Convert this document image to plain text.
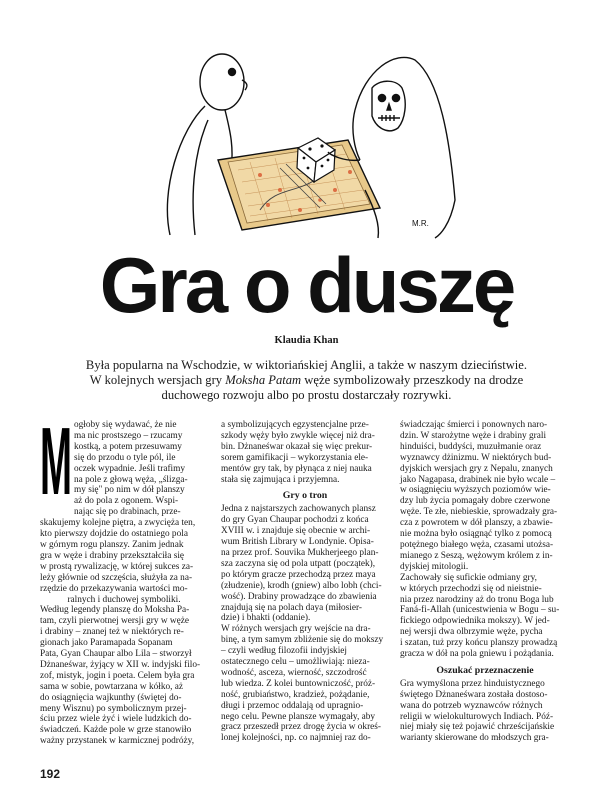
M.R.
Gra o duszę
Klaudia Khan
Była popularna na Wschodzie, w wiktoriańskiej Anglii, a także w naszym dzieciństwie.
W kolejnych wersjach gry Moksha Patam węże symbolizowały przeszkody na drodze
duchowego rozwoju albo po prostu dostarczały rozrywki.
M ogłoby się wydawać, że nie
ma nic prostszego – rzucamy
kostką, a potem przesuwamy
się do przodu o tyle pól, ile
oczek wypadnie. Jeśli trafimy
na pole z głową węża, „ślizga-
my się" po nim w dół planszy
aż do pola z ogonem. Wspi-
nając się po drabinach, prze-
skakujemy kolejne piętra, a zwycięża ten,
kto pierwszy dojdzie do ostatniego pola
w górnym rogu planszy. Zanim jednak
gra w węże i drabiny przekształciła się
w prostą rywalizację, w której sukces za-
leży głównie od szczęścia, służyła za na-
rzędzie do przekazywania wartości mo-
ralnych i duchowej symboliki.
Według legendy planszę do Moksha Pa-
tam, czyli pierwotnej wersji gry w węże
i drabiny – znanej też w niektórych re-
gionach jako Paramapada Sopanam
Pata, Gyan Chaupar albo Lila – stworzył
Dżnaneśwar, żyjący w XII w. indyjski filo-
zof, mistyk, jogin i poeta. Celem była gra
sama w sobie, powtarzana w kółko, aż
do osiągnięcia wajkunthy (świętej do-
meny Wisznu) po symbolicznym przej-
ściu przez wiele żyć i wiele ludzkich do-
świadczeń. Każde pole w grze stanowiło
ważny przystanek w karmicznej podróży,
a symbolizujących egzystencjalne prze-
szkody węży było zwykle więcej niż dra-
bin. Dżnaneśwar okazał się więc prekur-
sorem gamifikacji – wykorzystania ele-
mentów gry tak, by płynąca z niej nauka
stała się zajmująca i przyjemna.
Gry o tron
Jedna z najstarszych zachowanych plansz
do gry Gyan Chaupar pochodzi z końca
XVIII w. i znajduje się obecnie w archi-
wum British Library w Londynie. Opisa-
na przez prof. Souvika Mukherjeego plan-
sza zaczyna się od pola utpatt (początek),
po którym gracze przechodzą przez maya
(złudzenie), krodh (gniew) albo lobh (chci-
wość). Drabiny prowadzące do zbawienia
znajdują się na polach daya (miłosier-
dzie) i bhakti (oddanie).
W różnych wersjach gry wejście na dra-
binę, a tym samym zbliżenie się do mokszy
– czyli według filozofii indyjskiej
ostatecznego celu – umożliwiają: nieza-
wodność, asceza, wierność, szczodrość
lub wiedza. Z kolei buntowniczość, próż-
ność, grubiaństwo, kradzież, pożądanie,
długi i przemoc oddalają od upragnio-
nego celu. Pewne plansze wymagały, aby
gracz przeszedł przez drogę życia w okreś-
lonej kolejności, np. co najmniej raz do-
świadczając śmierci i ponownych naro-
dzin. W starożytne węże i drabiny grali
hinduiści, buddyści, muzułmanie oraz
wyznawcy dżinizmu. W niektórych bud-
dyjskich wersjach gry z Nepalu, znanych
jako Nagapasa, drabinek nie było wcale –
w osiągnięciu wyższych poziomów wie-
dzy lub życia pomagały dobre czerwone
węże. Te złe, niebieskie, sprowadzały gra-
cza z powrotem w dół planszy, a zbawie-
nie można było osiągnąć tylko z pomocą
potężnego białego węża, czasami utożsa-
mianego z Seszą, wężowym królem z in-
dyjskiej mitologii.
Zachowały się sufickie odmiany gry,
w których przechodzi się od nieistnie-
nia przez narodziny aż do tronu Boga lub
Faná-fi-Allah (unicestwienia w Bogu – su-
fickiego odpowiednika mokszy). W jed-
nej wersji dwa olbrzymie węże, pycha
i szatan, tuż przy końcu planszy prowadzą
gracza w dół na pola gniewu i pożądania.
Oszukać przeznaczenie
Gra wymyślona przez hinduistycznego
świętego Dżnaneśwara została dostoso-
wana do potrzeb wyznawców różnych
religii w wielokulturowych Indiach. Póź-
niej miały się też pojawić chrześcijańskie
warianty skierowane do młodszych gra-
192
